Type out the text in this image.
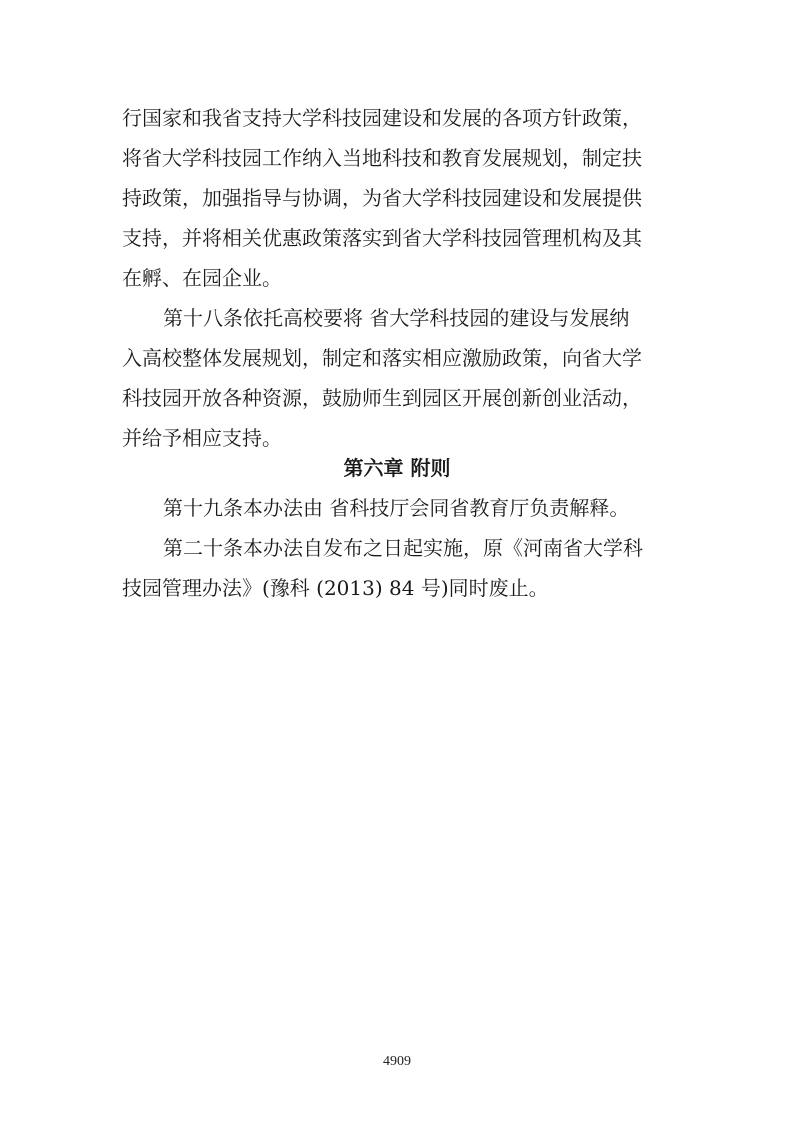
行国家和我省支持大学科技园建设和发展的各项方针政策，

将省大学科技园工作纳入当地科技和教育发展规划，制定扶

持政策，加强指导与协调，为省大学科技园建设和发展提供

支持，并将相关优惠政策落实到省大学科技园管理机构及其

在孵、在园企业。

第十八条依托高校要将 省大学科技园的建设与发展纳

入高校整体发展规划，制定和落实相应激励政策，向省大学

科技园开放各种资源，鼓励师生到园区开展创新创业活动，

并给予相应支持。

第六章 附则

第十九条本办法由 省科技厅会同省教育厅负责解释。

第二十条本办法自发布之日起实施，原《河南省大学科

技园管理办法》(豫科 (2013) 84 号)同时废止。

4909
